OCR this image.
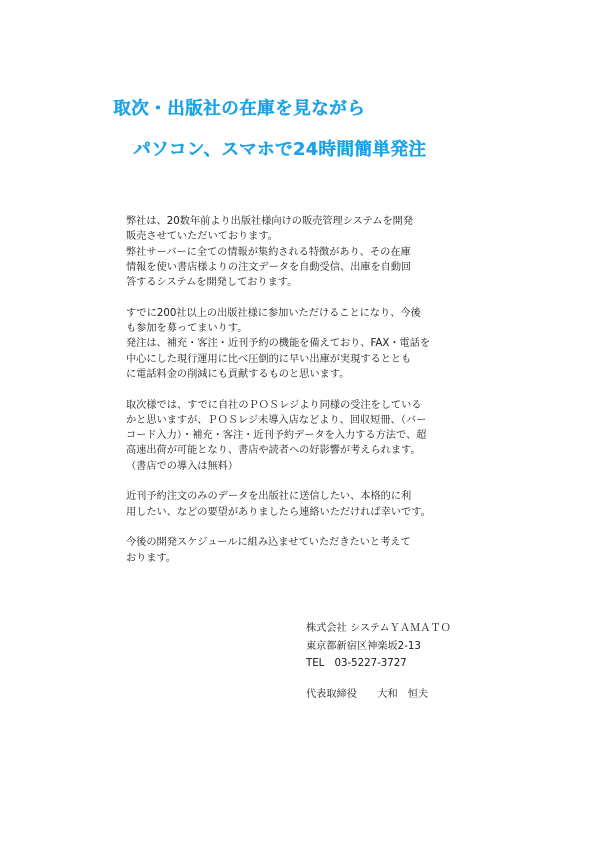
取次・出版社の在庫を見ながら
パソコン、スマホで24時間簡単発注

弊社は、20数年前より出版社様向けの販売管理システムを開発
販売させていただいております。
弊社サーバーに全ての情報が集約される特徴があり、その在庫
情報を使い書店様よりの注文データを自動受信、出庫を自動回
答するシステムを開発しております。

すでに200社以上の出版社様に参加いただけることになり、今後
も参加を募ってまいりす。
発注は、補充・客注・近刊予約の機能を備えており、FAX・電話を
中心にした現行運用に比べ圧倒的に早い出庫が実現するととも
に電話料金の削減にも貢献するものと思います。

取次様では、すでに自社のＰＯＳレジより同様の受注をしている
かと思いますが、ＰＯＳレジ未導入店などより、回収短冊、（バー
コード入力）・補充・客注・近刊予約データを入力する方法で、超
高速出荷が可能となり、書店や読者への好影響が考えられます。
（書店での導入は無料）

近刊予約注文のみのデータを出版社に送信したい、本格的に利
用したい、などの要望がありましたら連絡いただければ幸いです。

今後の開発スケジュールに組み込ませていただきたいと考えて
おります。

株式会社 システムＹＡＭＡＴＯ
東京都新宿区神楽坂2-13
TEL　03-5227-3727
代表取締役　　大和　恒夫
